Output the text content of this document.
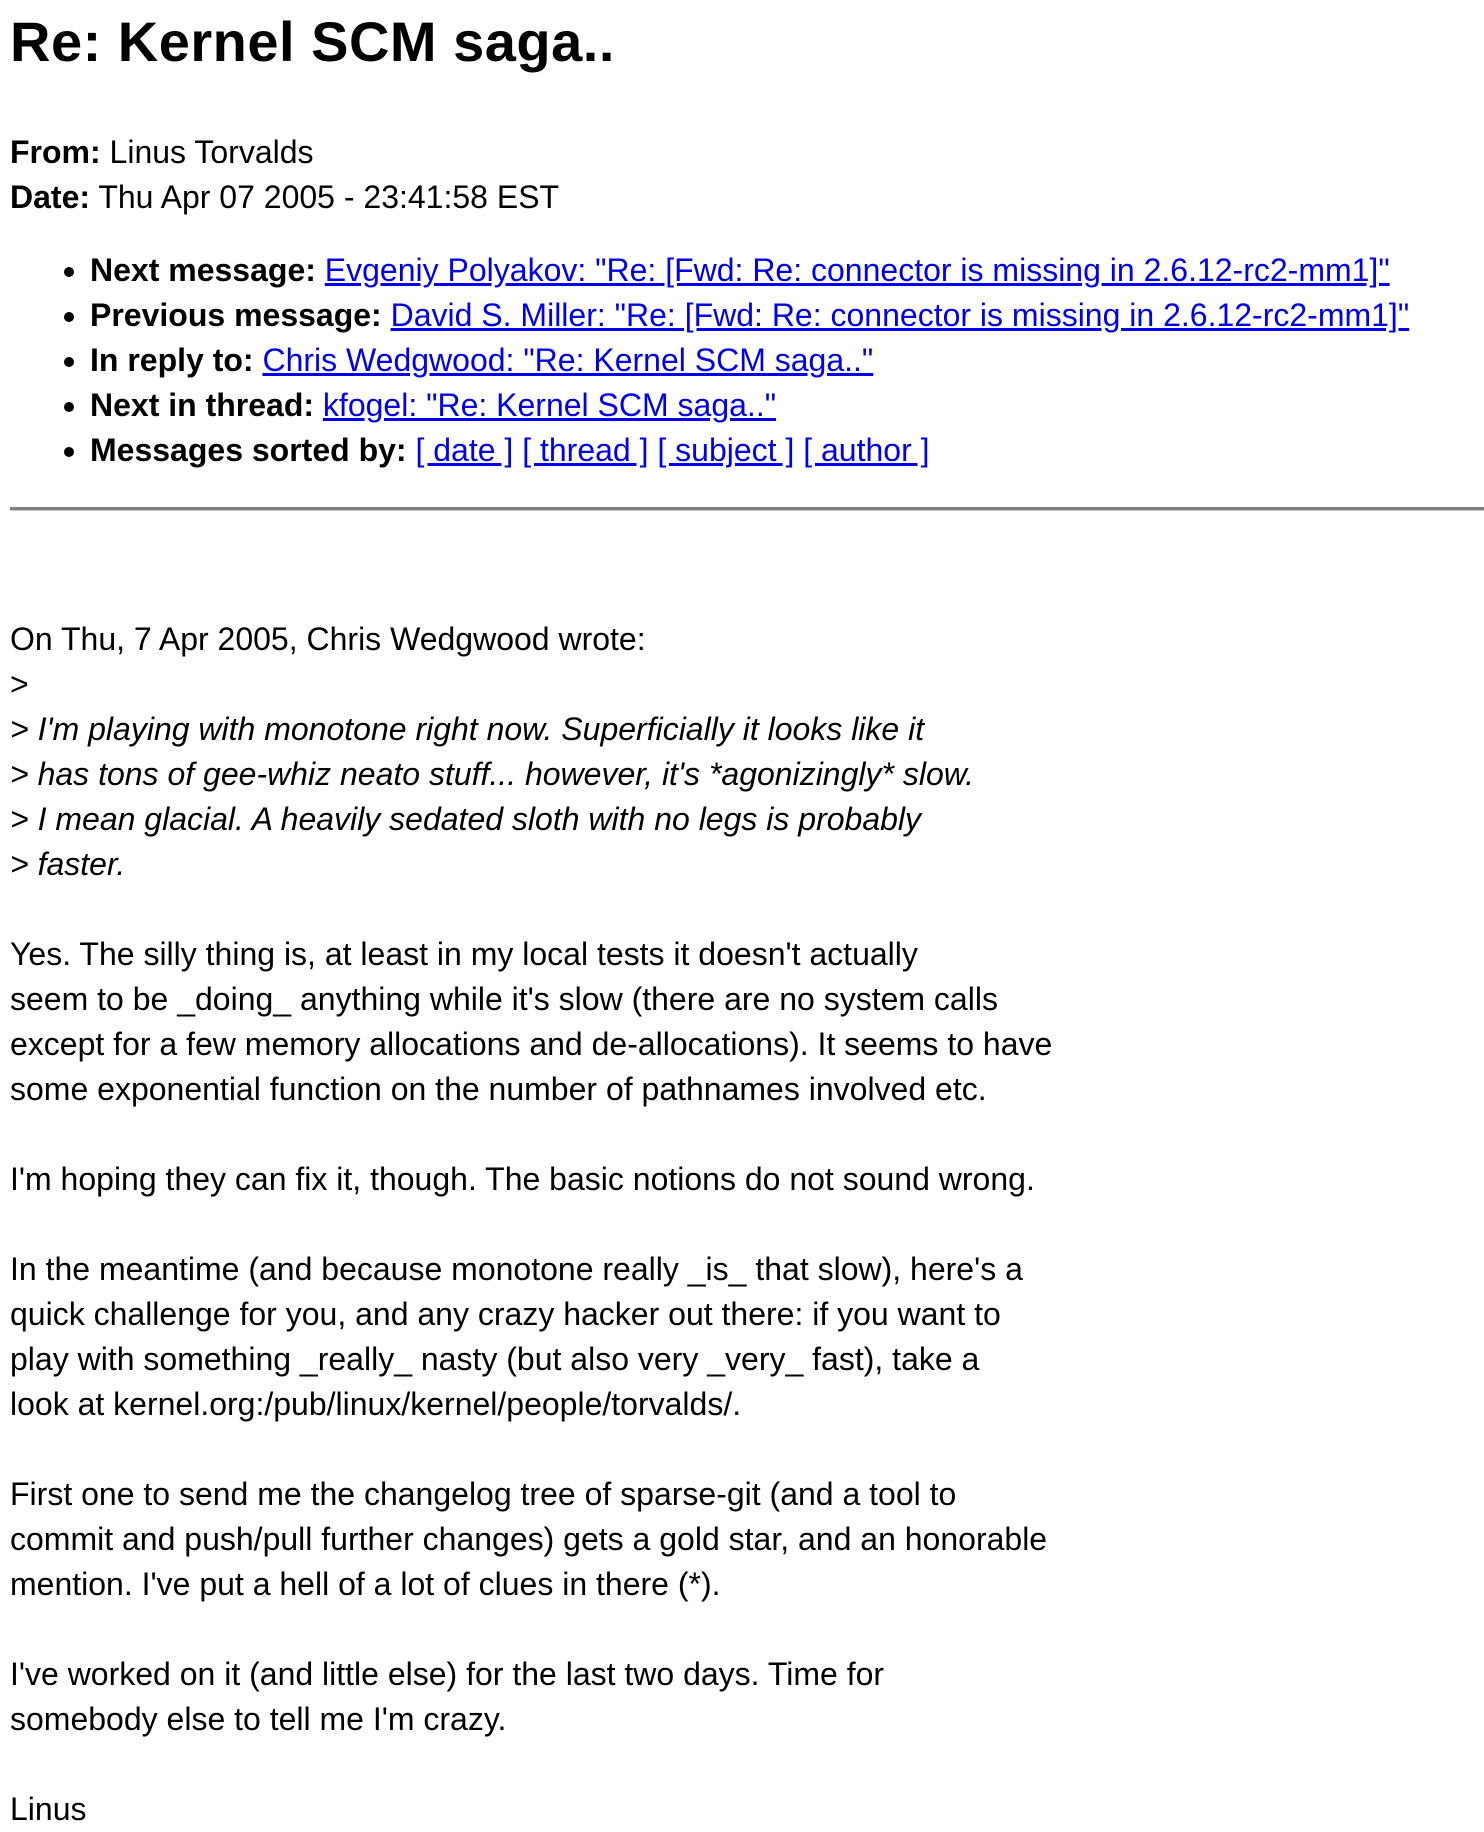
Re: Kernel SCM saga..
From: Linus Torvalds
Date: Thu Apr 07 2005 - 23:41:58 EST
• Next message: Evgeniy Polyakov: "Re: [Fwd: Re: connector is missing in 2.6.12-rc2-mm1]"
• Previous message: David S. Miller: "Re: [Fwd: Re: connector is missing in 2.6.12-rc2-mm1]"
• In reply to: Chris Wedgwood: "Re: Kernel SCM saga.."
• Next in thread: kfogel: "Re: Kernel SCM saga.."
• Messages sorted by: [ date ] [ thread ] [ subject ] [ author ]
On Thu, 7 Apr 2005, Chris Wedgwood wrote:
>
> I'm playing with monotone right now. Superficially it looks like it
> has tons of gee-whiz neato stuff... however, it's *agonizingly* slow.
> I mean glacial. A heavily sedated sloth with no legs is probably
> faster.
Yes. The silly thing is, at least in my local tests it doesn't actually
seem to be _doing_ anything while it's slow (there are no system calls
except for a few memory allocations and de-allocations). It seems to have
some exponential function on the number of pathnames involved etc.
I'm hoping they can fix it, though. The basic notions do not sound wrong.
In the meantime (and because monotone really _is_ that slow), here's a
quick challenge for you, and any crazy hacker out there: if you want to
play with something _really_ nasty (but also very _very_ fast), take a
look at kernel.org:/pub/linux/kernel/people/torvalds/.
First one to send me the changelog tree of sparse-git (and a tool to
commit and push/pull further changes) gets a gold star, and an honorable
mention. I've put a hell of a lot of clues in there (*).
I've worked on it (and little else) for the last two days. Time for
somebody else to tell me I'm crazy.
Linus
